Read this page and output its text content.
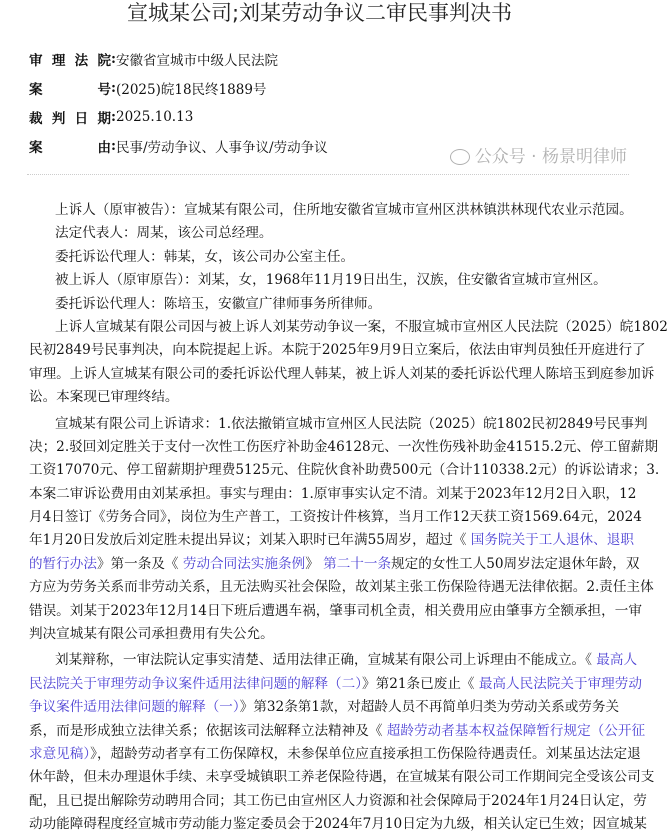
宣城某公司;刘某劳动争议二审民事判决书
审 理 法 院 : 安徽省宣城市中级人民法院
案	号 : (2025)皖18民终1889号
裁 判 日 期 : 2025.10.13
案	由 : 民事/劳动争议、人事争议/劳动争议
上诉人（原审被告）：宣城某有限公司，住所地安徽省宣城市宣州区洪林镇洪林现代农业示范园。
法定代表人：周某，该公司总经理。
委托诉讼代理人：韩某，女，该公司办公室主任。
被上诉人（原审原告）：刘某，女，1968年11月19日出生，汉族，住安徽省宣城市宣州区。
委托诉讼代理人：陈培玉，安徽宣广律师事务所律师。
上诉人宣城某有限公司因与被上诉人刘某劳动争议一案，不服宣城市宣州区人民法院（2025）皖1802
民初2849号民事判决，向本院提起上诉。本院于2025年9月9日立案后，依法由审判员独任开庭进行了
审理。上诉人宣城某有限公司的委托诉讼代理人韩某，被上诉人刘某的委托诉讼代理人陈培玉到庭参加诉
讼。本案现已审理终结。
宣城某有限公司上诉请求：1.依法撤销宣城市宣州区人民法院（2025）皖1802民初2849号民事判
决；2.驳回刘定胜关于支付一次性工伤医疗补助金46128元、一次性伤残补助金41515.2元、停工留薪期
工资17070元、停工留薪期护理费5125元、住院伙食补助费500元（合计110338.2元）的诉讼请求；3.
本案二审诉讼费用由刘某承担。事实与理由：1.原审事实认定不清。刘某于2023年12月2日入职，12
月4日签订《劳务合同》，岗位为生产普工，工资按计件核算，当月工作12天获工资1569.64元，2024
年1月20日发放后刘定胜未提出异议；刘某入职时已年满55周岁，超过《 国务院关于工人退休、退职
的暂行办法》第一条及《 劳动合同法实施条例》 第二十一条规定的女性工人50周岁法定退休年龄，双
方应为劳务关系而非劳动关系，且无法购买社会保险，故刘某主张工伤保险待遇无法律依据。2.责任主体
错误。刘某于2023年12月14日下班后遭遇车祸，肇事司机全责，相关费用应由肇事方全额承担，一审
判决宣城某有限公司承担费用有失公允。
刘某辩称，一审法院认定事实清楚、适用法律正确，宣城某有限公司上诉理由不能成立。《 最高人
民法院关于审理劳动争议案件适用法律问题的解释（二）》第21条已废止《 最高人民法院关于审理劳动
争议案件适用法律问题的解释（一）》第32条第1款，对超龄人员不再简单归类为劳动关系或劳务关
系，而是形成独立法律关系；依据该司法解释立法精神及《 超龄劳动者基本权益保障暂行规定（公开征
求意见稿）》，超龄劳动者享有工伤保障权，未参保单位应直接承担工伤保险待遇责任。刘某虽达法定退
休年龄，但未办理退休手续、未享受城镇职工养老保险待遇，在宣城某有限公司工作期间完全受该公司支
配，且已提出解除劳动聘用合同；其工伤已由宣州区人力资源和社会保障局于2024年1月24日认定，劳
动功能障碍程度经宣城市劳动能力鉴定委员会于2024年7月10日定为九级，相关认定已生效；因宣城某
公众号 · 杨景明律师
